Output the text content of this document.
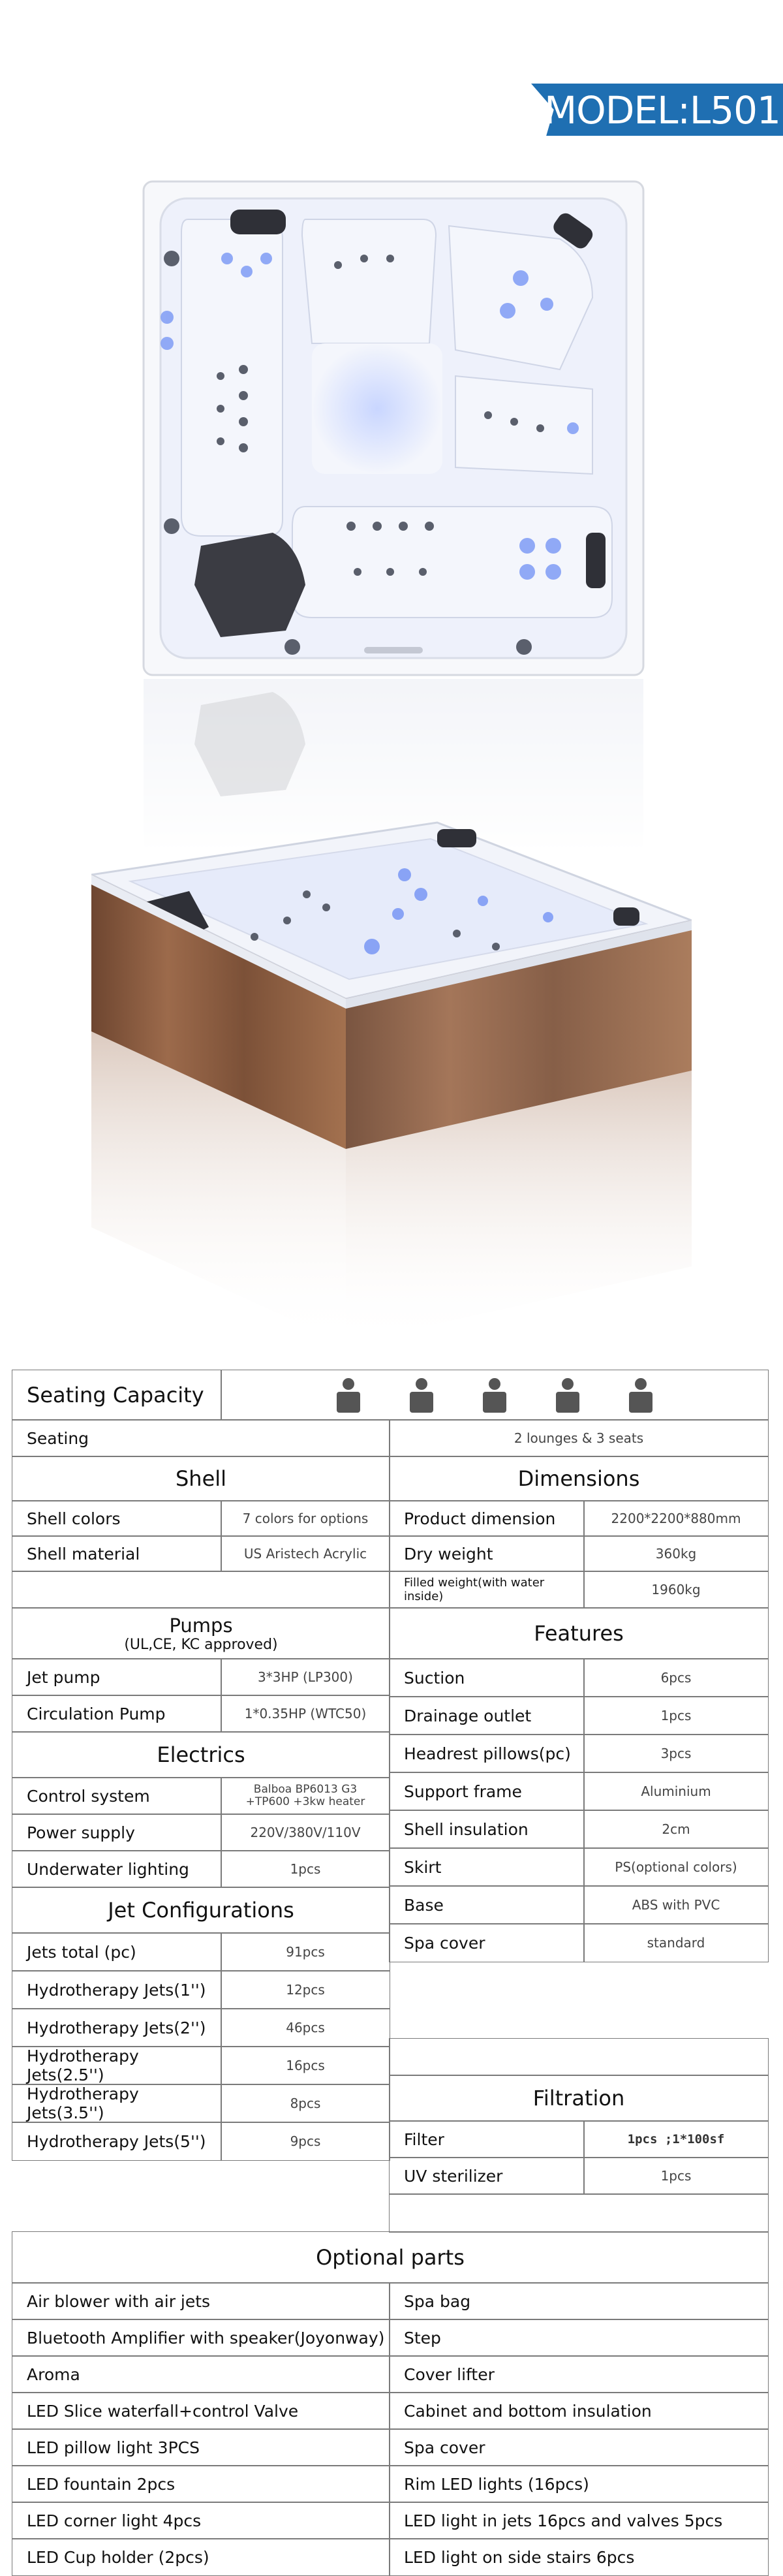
MODEL:L501
Seating Capacity
Seating	2 lounges & 3 seats
Shell	Dimensions
Shell colors	7 colors for options	Product dimension	2200*2200*880mm
Shell material	US Aristech Acrylic	Dry weight	360kg
Filled weight(with water inside)	1960kg
Pumps
(UL,CE, KC approved)	Features
Jet pump	3*3HP (LP300)
Circulation Pump	1*0.35HP (WTC50)
Electrics
Control system	Balboa BP6013 G3
+TP600 +3kw heater
Power supply	220V/380V/110V
Underwater lighting	1pcs
Jet Configurations
Jets total (pc)	91pcs
Hydrotherapy Jets(1'')	12pcs
Hydrotherapy Jets(2'')	46pcs
Hydrotherapy Jets(2.5'')	16pcs
Hydrotherapy Jets(3.5'')	8pcs
Hydrotherapy Jets(5'')	9pcs
Suction	6pcs
Drainage outlet	1pcs
Headrest pillows(pc)	3pcs
Support frame	Aluminium
Shell insulation	2cm
Skirt	PS(optional colors)
Base	ABS with PVC
Spa cover	standard
Filtration
Filter	1pcs ;1*100sf
UV sterilizer	1pcs
Optional parts
Air blower with air jets	Spa bag
Bluetooth Amplifier with speaker(Joyonway)	Step
Aroma	Cover lifter
LED Slice waterfall+control Valve	Cabinet and bottom insulation
LED pillow light 3PCS	Spa cover
LED fountain 2pcs	Rim LED lights (16pcs)
LED corner light 4pcs	LED light in jets 16pcs and valves 5pcs
LED Cup holder (2pcs)	LED light on side stairs 6pcs
